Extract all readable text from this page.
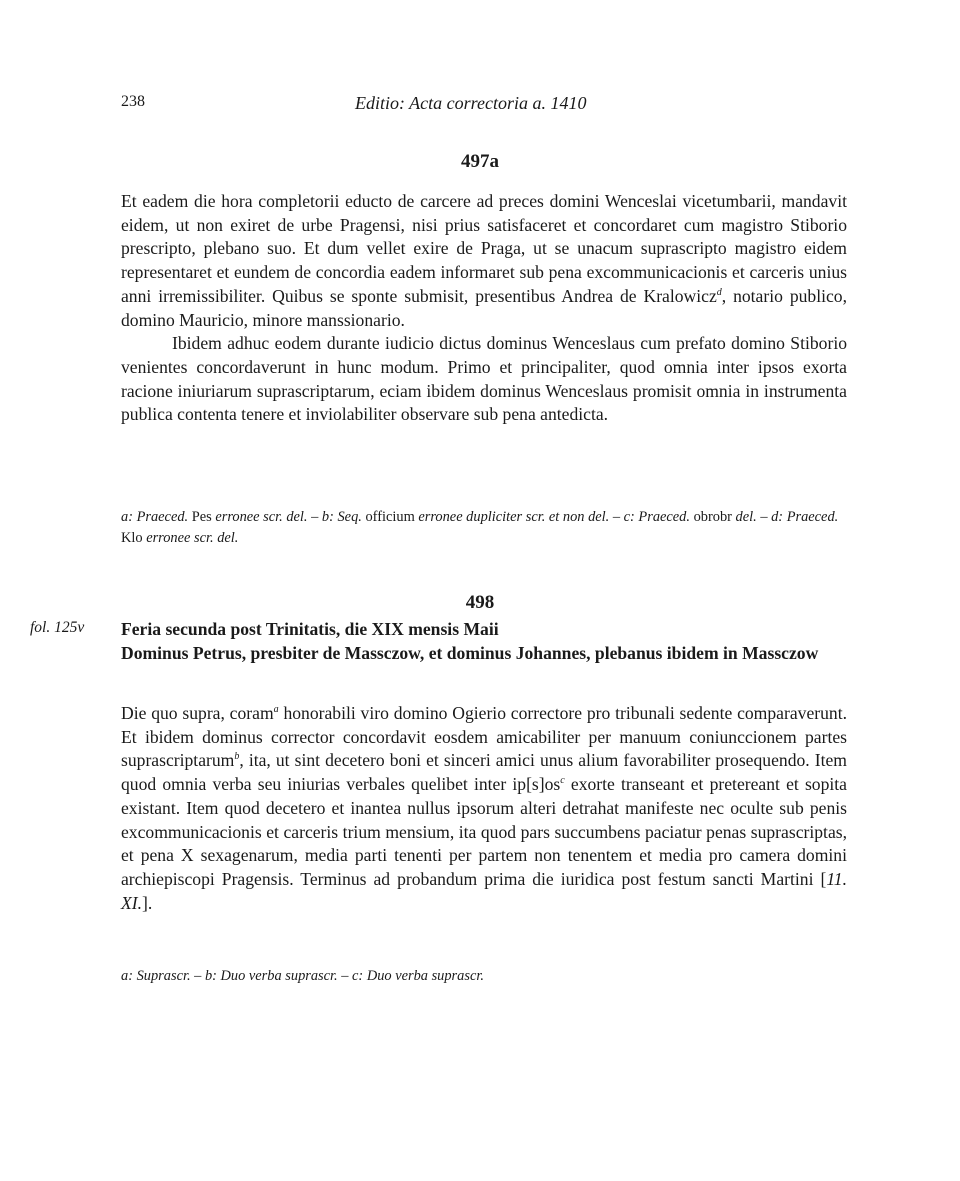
238	Editio: Acta correctoria a. 1410
497a

Et eadem die hora completorii educto de carcere ad preces domini Wenceslai vicetumbarii, mandavit eidem, ut non exiret de urbe Pragensi, nisi prius satisfaceret et concordaret cum magistro Stiborio prescripto, plebano suo. Et dum vellet exire de Praga, ut se unacum suprascripto magistro eidem representaret et eundem de concordia eadem informaret sub pena excommunicacionis et carceris unius anni irremissibiliter. Quibus se sponte submisit, presentibus Andrea de Kralowicz$^d$, notario publico, domino Mauricio, minore manssionario.

Ibidem adhuc eodem durante iudicio dictus dominus Wenceslaus cum prefato domino Stiborio venientes concordaverunt in hunc modum. Primo et principaliter, quod omnia inter ipsos exorta racione iniuriarum suprascriptarum, eciam ibidem dominus Wenceslaus promisit omnia in instrumenta publica contenta tenere et inviolabiliter observare sub pena antedicta.

a: Praeced. Pes erronee scr. del. – b: Seq. officium erronee dupliciter scr. et non del. – c: Praeced. obrobr del. – d: Praeced. Klo erronee scr. del.
498
fol. 125v Feria secunda post Trinitatis, die XIX mensis Maii
Dominus Petrus, presbiter de Massczow, et dominus Johannes, plebanus ibidem in Massczow

Die quo supra, coram$^a$ honorabili viro domino Ogierio correctore pro tribunali sedente comparaverunt. Et ibidem dominus corrector concordavit eosdem amicabiliter per manuum coniunccionem partes suprascriptarum$^b$, ita, ut sint decetero boni et sinceri amici unus alium favorabiliter prosequendo. Item quod omnia verba seu iniurias verbales quelibet inter $ip[s]os^c$ exorte transeant et pretereant et sopita existant. Item quod decetero et inantea nullus ipsorum alteri detrahat manifeste nec oculte sub penis excommunicacionis et carceris trium mensium, ita quod pars succumbens paciatur penas suprascriptas, et pena X sexagenarum, media parti tenenti per partem non tenentem et media pro camera domini archiepiscopi Pragensis. Terminus ad probandum prima die iuridica post festum sancti Martini [11. XI.].

a: Suprascr. – b: Duo verba suprascr. – c: Duo verba suprascr.
